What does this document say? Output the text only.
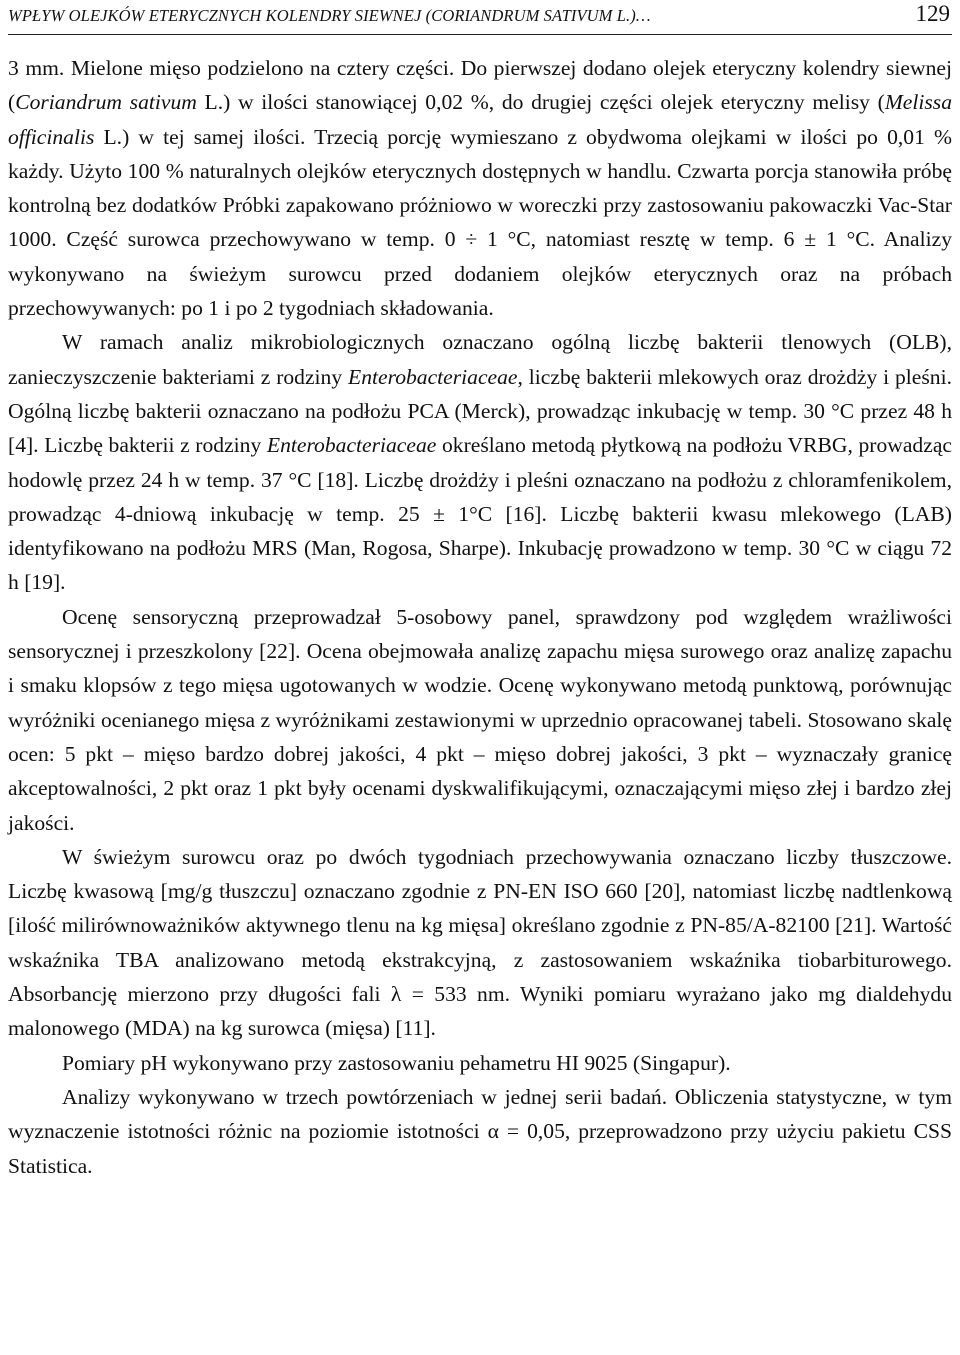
WPŁYW OLEJKÓW ETERYCZNYCH KOLENDRY SIEWNEJ (CORIANDRUM SATIVUM L.)…	129

3 mm. Mielone mięso podzielono na cztery części. Do pierwszej dodano olejek eteryczny kolendry siewnej (Coriandrum sativum L.) w ilości stanowiącej 0,02 %, do drugiej części olejek eteryczny melisy (Melissa officinalis L.) w tej samej ilości. Trzecią porcję wymieszano z obydwoma olejkami w ilości po 0,01 % każdy. Użyto 100 % naturalnych olejków eterycznych dostępnych w handlu. Czwarta porcja stanowiła próbę kontrolną bez dodatków Próbki zapakowano próżniowo w woreczki przy zastosowaniu pakowaczki Vac-Star 1000. Część surowca przechowywano w temp. 0 ÷ 1 °C, natomiast resztę w temp. 6 ± 1 °C. Analizy wykonywano na świeżym surowcu przed dodaniem olejków eterycznych oraz na próbach przechowywanych: po 1 i po 2 tygodniach składowania.

W ramach analiz mikrobiologicznych oznaczano ogólną liczbę bakterii tlenowych (OLB), zanieczyszczenie bakteriami z rodziny Enterobacteriaceae, liczbę bakterii mlekowych oraz drożdży i pleśni. Ogólną liczbę bakterii oznaczano na podłożu PCA (Merck), prowadząc inkubację w temp. 30 °C przez 48 h [4]. Liczbę bakterii z rodziny Enterobacteriaceae określano metodą płytkową na podłożu VRBG, prowadząc hodowlę przez 24 h w temp. 37 °C [18]. Liczbę drożdży i pleśni oznaczano na podłożu z chloramfenikolem, prowadząc 4-dniową inkubację w temp. 25 ± 1°C [16]. Liczbę bakterii kwasu mlekowego (LAB) identyfikowano na podłożu MRS (Man, Rogosa, Sharpe). Inkubację prowadzono w temp. 30 °C w ciągu 72 h [19].

Ocenę sensoryczną przeprowadzał 5-osobowy panel, sprawdzony pod względem wrażliwości sensorycznej i przeszkolony [22]. Ocena obejmowała analizę zapachu mięsa surowego oraz analizę zapachu i smaku klopsów z tego mięsa ugotowanych w wodzie. Ocenę wykonywano metodą punktową, porównując wyróżniki ocenianego mięsa z wyróżnikami zestawionymi w uprzednio opracowanej tabeli. Stosowano skalę ocen: 5 pkt – mięso bardzo dobrej jakości, 4 pkt – mięso dobrej jakości, 3 pkt – wyznaczały granicę akceptowalności, 2 pkt oraz 1 pkt były ocenami dyskwalifikującymi, oznaczającymi mięso złej i bardzo złej jakości.

W świeżym surowcu oraz po dwóch tygodniach przechowywania oznaczano liczby tłuszczowe. Liczbę kwasową [mg/g tłuszczu] oznaczano zgodnie z PN-EN ISO 660 [20], natomiast liczbę nadtlenkową [ilość milirównoważników aktywnego tlenu na kg mięsa] określano zgodnie z PN-85/A-82100 [21]. Wartość wskaźnika TBA analizowano metodą ekstrakcyjną, z zastosowaniem wskaźnika tiobarbiturowego. Absorbancję mierzono przy długości fali λ = 533 nm. Wyniki pomiaru wyrażano jako mg dialdehydu malonowego (MDA) na kg surowca (mięsa) [11].

Pomiary pH wykonywano przy zastosowaniu pehametru HI 9025 (Singapur).

Analizy wykonywano w trzech powtórzeniach w jednej serii badań. Obliczenia statystyczne, w tym wyznaczenie istotności różnic na poziomie istotności α = 0,05, przeprowadzono przy użyciu pakietu CSS Statistica.
